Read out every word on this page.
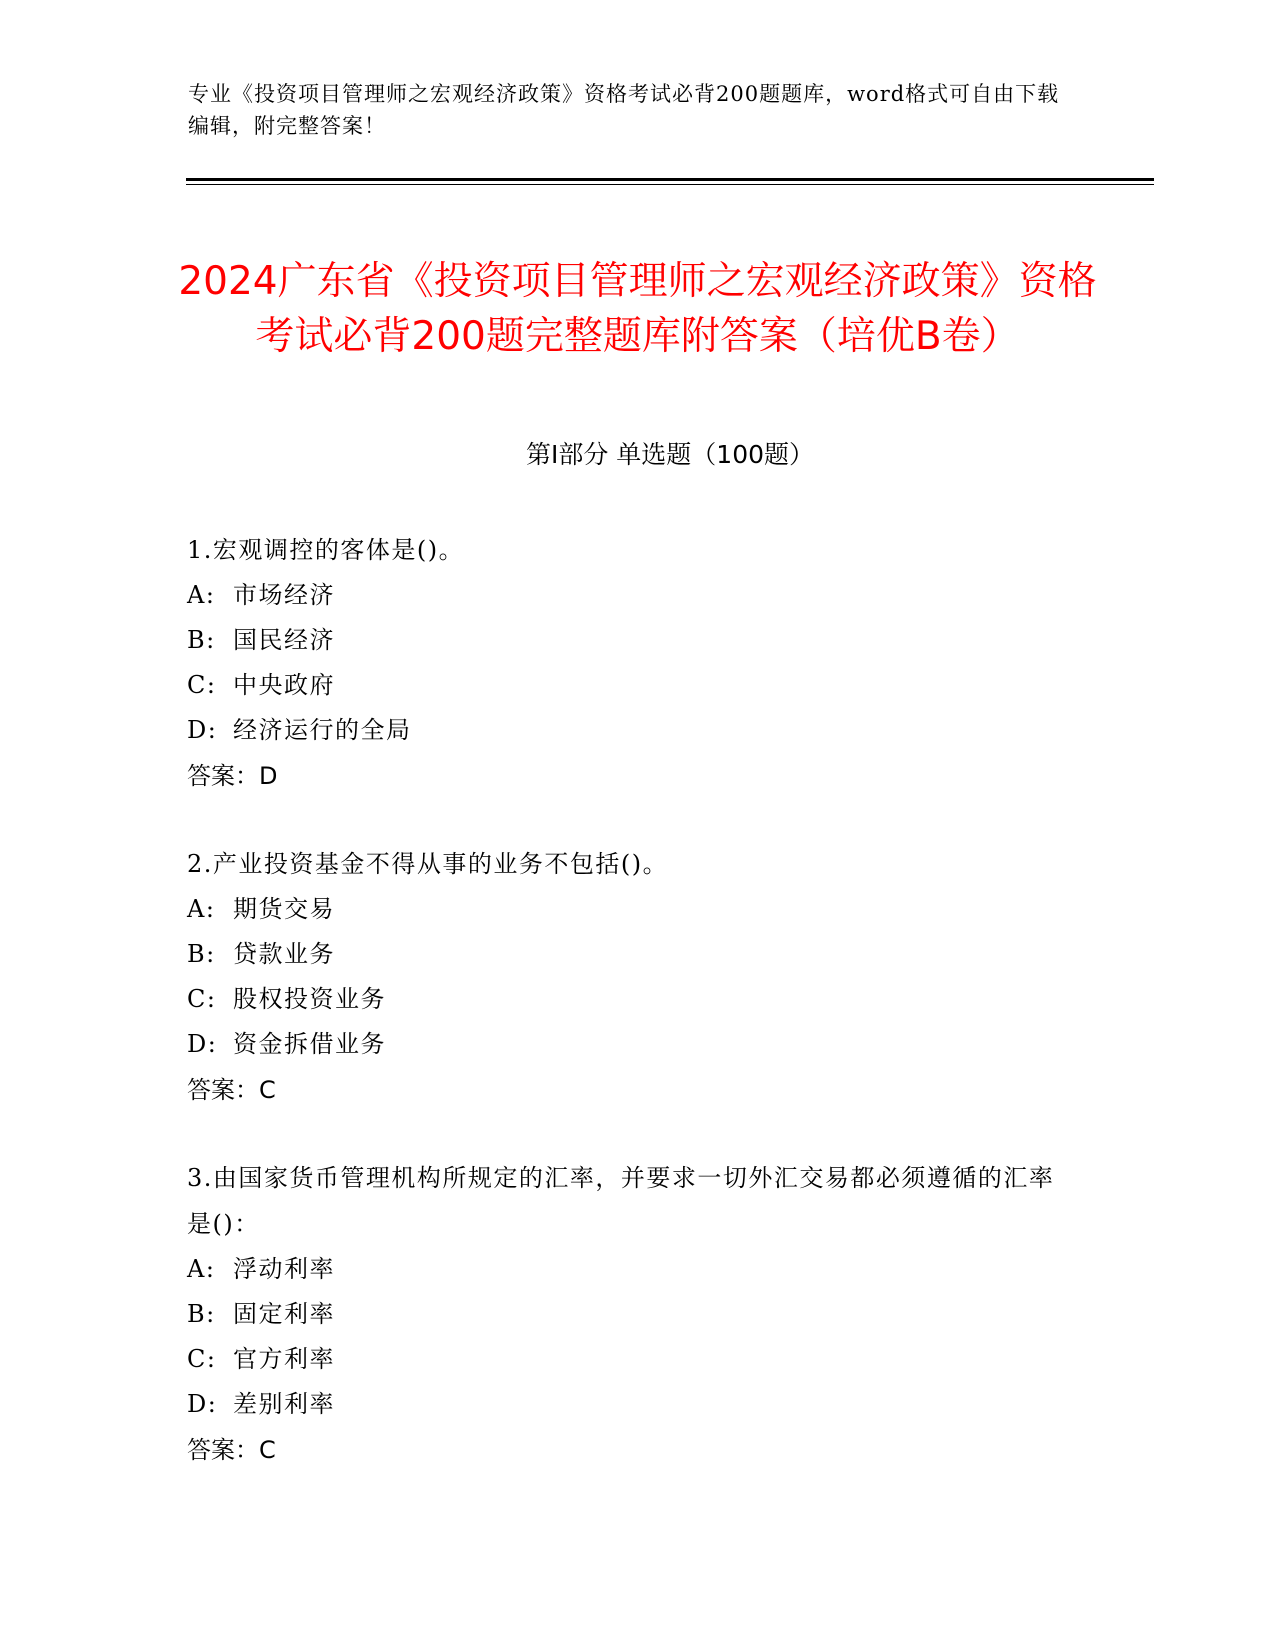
专业《投资项目管理师之宏观经济政策》资格考试必背200题题库，word格式可自由下载编辑，附完整答案！
2024广东省《投资项目管理师之宏观经济政策》资格考试必背200题完整题库附答案（培优B卷）
第I部分 单选题（100题）
1.宏观调控的客体是()。
A: 市场经济
B: 国民经济
C: 中央政府
D: 经济运行的全局
答案：D
2.产业投资基金不得从事的业务不包括()。
A: 期货交易
B: 贷款业务
C: 股权投资业务
D: 资金拆借业务
答案：C
3.由国家货币管理机构所规定的汇率，并要求一切外汇交易都必须遵循的汇率是()：
A: 浮动利率
B: 固定利率
C: 官方利率
D: 差别利率
答案：C
